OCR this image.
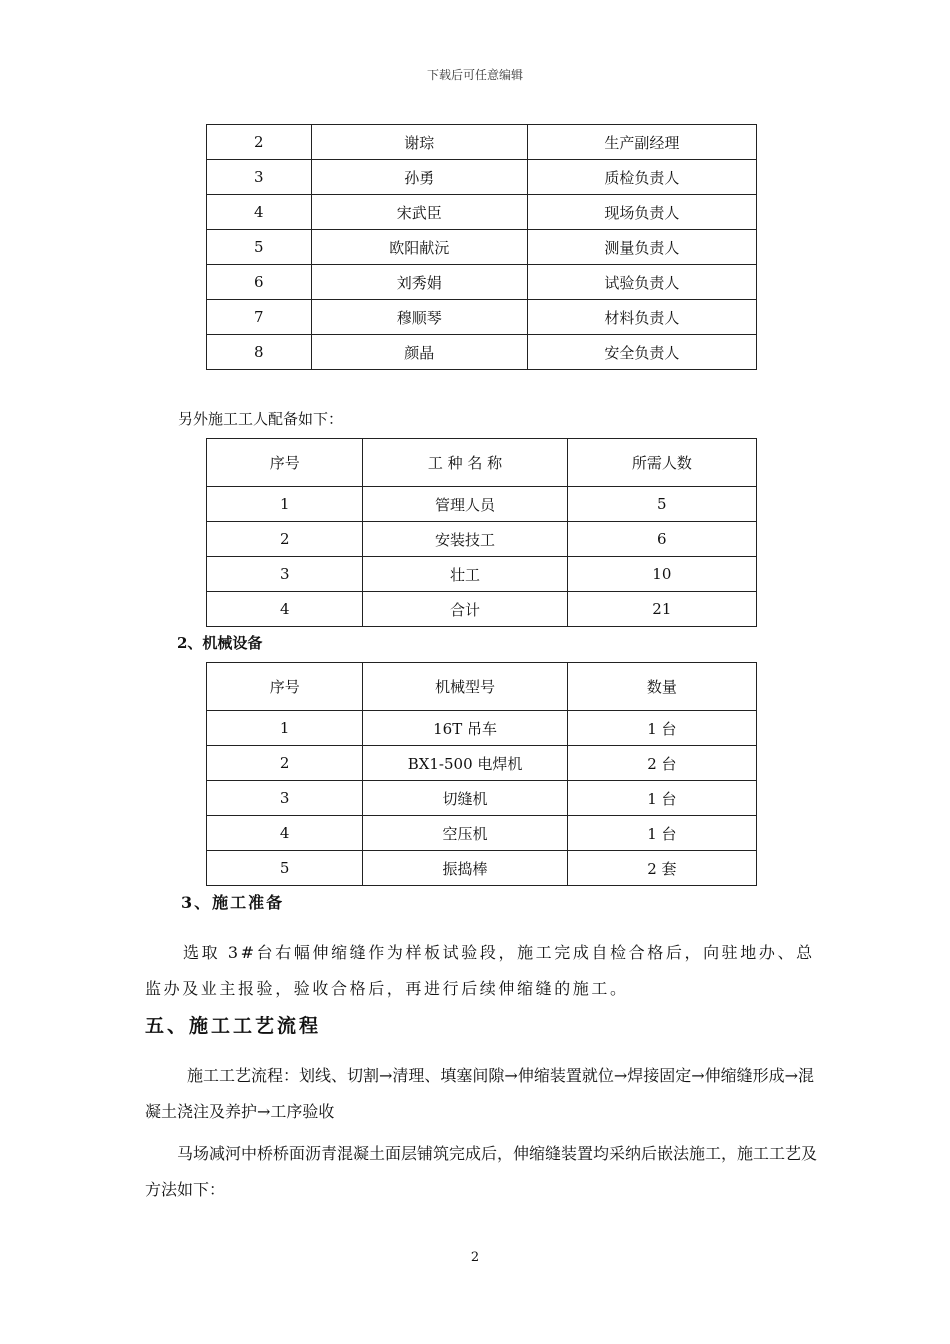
下载后可任意编辑
2	谢琮	生产副经理
3	孙勇	质检负责人
4	宋武臣	现场负责人
5	欧阳献沅	测量负责人
6	刘秀娟	试验负责人
7	穆顺琴	材料负责人
8	颜晶	安全负责人
另外施工工人配备如下：
序号	工 种 名 称	所需人数
1	管理人员	5
2	安装技工	6
3	壮工	10
4	合计	21
2、机械设备
序号	机械型号	数量
1	16T 吊车	1 台
2	BX1-500 电焊机	2 台
3	切缝机	1 台
4	空压机	1 台
5	振捣棒	2 套
3、施工准备
选取 3#台右幅伸缩缝作为样板试验段，施工完成自检合格后，向驻地办、总监办及业主报验，验收合格后，再进行后续伸缩缝的施工。
五、施工工艺流程
施工工艺流程：划线、切割→清理、填塞间隙→伸缩装置就位→焊接固定→伸缩缝形成→混凝土浇注及养护→工序验收
马场减河中桥桥面沥青混凝土面层铺筑完成后，伸缩缝装置均采纳后嵌法施工，施工工艺及方法如下：
2
